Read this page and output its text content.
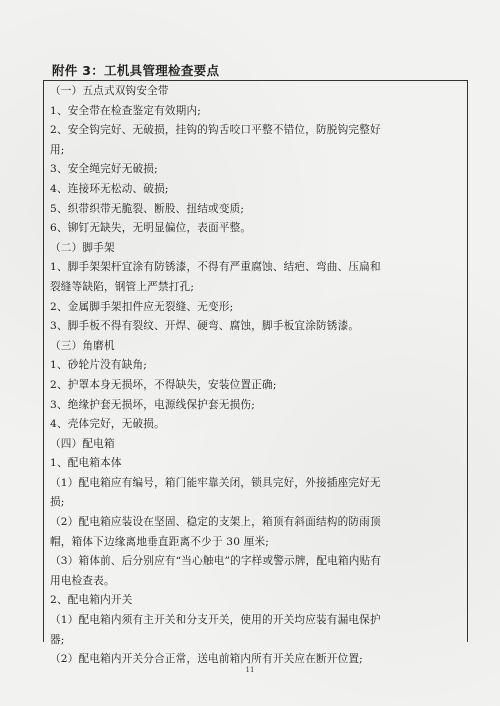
附件 3：工机具管理检查要点
（一）五点式双钩安全带
1、安全带在检查鉴定有效期内;
2、安全钩完好、无破损，挂钩的钩舌咬口平整不错位，防脱钩完整好
用;
3、安全绳完好无破损;
4、连接环无松动、破损;
5、织带织带无脆裂、断股、扭结或变质;
6、铆钉无缺失，无明显偏位，表面平整。
（二）脚手架
1、脚手架架杆宜涂有防锈漆，不得有严重腐蚀、结疤、弯曲、压扁和
裂缝等缺陷，钢管上严禁打孔;
2、金属脚手架扣件应无裂缝、无变形;
3、脚手板不得有裂纹、开焊、硬弯、腐蚀，脚手板宜涂防锈漆。
（三）角磨机
1、砂轮片没有缺角;
2、护罩本身无损坏，不得缺失，安装位置正确;
3、绝缘护套无损坏，电源线保护套无损伤;
4、壳体完好，无破损。
（四）配电箱
1、配电箱本体
（1）配电箱应有编号，箱门能牢靠关闭，锁具完好，外接插座完好无
损;
（2）配电箱应装设在坚固、稳定的支架上，箱顶有斜面结构的防雨顶
帽，箱体下边缘离地垂直距离不少于 30 厘米;
（3）箱体前、后分别应有“当心触电”的字样或警示牌，配电箱内贴有
用电检查表。
2、配电箱内开关
（1）配电箱内须有主开关和分支开关，使用的开关均应装有漏电保护
器;
（2）配电箱内开关分合正常，送电前箱内所有开关应在断开位置;
11
